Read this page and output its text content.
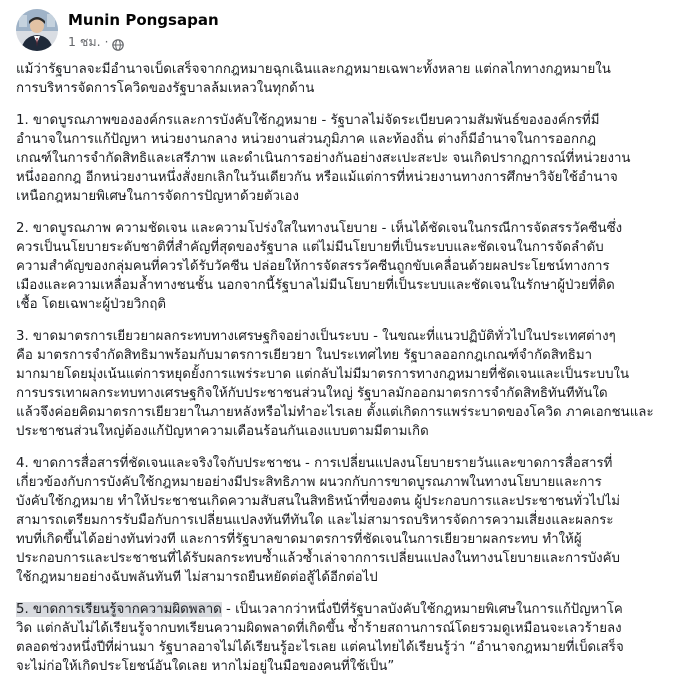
Munin Pongsapan
1 ชม. ·

แม้ว่ารัฐบาลจะมีอำนาจเบ็ดเสร็จจากกฎหมายฉุกเฉินและกฎหมายเฉพาะทั้งหลาย แต่กลไกทางกฎหมายใน
การบริหารจัดการโควิดของรัฐบาลล้มเหลวในทุกด้าน

1. ขาดบูรณภาพขององค์กรและการบังคับใช้กฎหมาย - รัฐบาลไม่จัดระเบียบความสัมพันธ์ขององค์กรที่มี
อำนาจในการแก้ปัญหา หน่วยงานกลาง หน่วยงานส่วนภูมิภาค และท้องถิ่น ต่างก็มีอำนาจในการออกกฎ
เกณฑ์ในการจำกัดสิทธิและเสรีภาพ และดำเนินการอย่างกันอย่างสะเปะสะปะ จนเกิดปรากฏการณ์ที่หน่วยงาน
หนึ่งออกกฎ อีกหน่วยงานหนึ่งสั่งยกเลิกในวันเดียวกัน หรือแม้แต่การที่หน่วยงานทางการศึกษาวิจัยใช้อำนาจ
เหนือกฎหมายพิเศษในการจัดการปัญหาด้วยตัวเอง

2. ขาดบูรณภาพ ความชัดเจน และความโปร่งใสในทางนโยบาย - เห็นได้ชัดเจนในกรณีการจัดสรรวัคซีนซึ่ง
ควรเป็นนโยบายระดับชาติที่สำคัญที่สุดของรัฐบาล แต่ไม่มีนโยบายที่เป็นระบบและชัดเจนในการจัดลำดับ
ความสำคัญของกลุ่มคนที่ควรได้รับวัคซีน ปล่อยให้การจัดสรรวัคซีนถูกขับเคลื่อนด้วยผลประโยชน์ทางการ
เมืองและความเหลื่อมล้ำทางชนชั้น นอกจากนี้รัฐบาลไม่มีนโยบายที่เป็นระบบและชัดเจนในรักษาผู้ป่วยที่ติด
เชื้อ โดยเฉพาะผู้ป่วยวิกฤติ

3. ขาดมาตรการเยียวยาผลกระทบทางเศรษฐกิจอย่างเป็นระบบ - ในขณะที่แนวปฏิบัติทั่วไปในประเทศต่างๆ
คือ มาตรการจำกัดสิทธิมาพร้อมกับมาตรการเยียวยา ในประเทศไทย รัฐบาลออกกฎเกณฑ์จำกัดสิทธิมา
มากมายโดยมุ่งเน้นแต่การหยุดยั้งการแพร่ระบาด แต่กลับไม่มีมาตรการทางกฎหมายที่ชัดเจนและเป็นระบบใน
การบรรเทาผลกระทบทางเศรษฐกิจให้กับประชาชนส่วนใหญ่ รัฐบาลมักออกมาตรการจำกัดสิทธิทันทีทันใด
แล้วจึงค่อยคิดมาตรการเยียวยาในภายหลังหรือไม่ทำอะไรเลย ตั้งแต่เกิดการแพร่ระบาดของโควิด ภาคเอกชนและ
ประชาชนส่วนใหญ่ต้องแก้ปัญหาความเดือนร้อนกันเองแบบตามมีตามเกิด

4. ขาดการสื่อสารที่ชัดเจนและจริงใจกับประชาชน - การเปลี่ยนแปลงนโยบายรายวันและขาดการสื่อสารที่
เกี่ยวข้องกับการบังคับใช้กฎหมายอย่างมีประสิทธิภาพ ผนวกกับการขาดบูรณภาพในทางนโยบายและการ
บังคับใช้กฎหมาย ทำให้ประชาชนเกิดความสับสนในสิทธิหน้าที่ของตน ผู้ประกอบการและประชาชนทั่วไปไม่
สามารถเตรียมการรับมือกับการเปลี่ยนแปลงทันทีทันใด และไม่สามารถบริหารจัดการความเสี่ยงและผลกระ
ทบที่เกิดขึ้นได้อย่างทันท่วงที และการที่รัฐบาลขาดมาตรการที่ชัดเจนในการเยียวยาผลกระทบ ทำให้ผู้
ประกอบการและประชาชนที่ได้รับผลกระทบซ้ำแล้วซ้ำเล่าจากการเปลี่ยนแปลงในทางนโยบายและการบังคับ
ใช้กฎหมายอย่างฉับพลันทันที ไม่สามารถยืนหยัดต่อสู้ได้อีกต่อไป

5. ขาดการเรียนรู้จากความผิดพลาด - เป็นเวลากว่าหนึ่งปีที่รัฐบาลบังคับใช้กฎหมายพิเศษในการแก้ปัญหาโค
วิด แต่กลับไม่ได้เรียนรู้จากบทเรียนความผิดพลาดที่เกิดขึ้น ซ้ำร้ายสถานการณ์โดยรวมดูเหมือนจะเลวร้ายลง
ตลอดช่วงหนึ่งปีที่ผ่านมา รัฐบาลอาจไม่ได้เรียนรู้อะไรเลย แต่คนไทยได้เรียนรู้ว่า “อำนาจกฎหมายที่เบ็ดเสร็จ
จะไม่ก่อให้เกิดประโยชน์อันใดเลย หากไม่อยู่ในมือของคนที่ใช้เป็น”
